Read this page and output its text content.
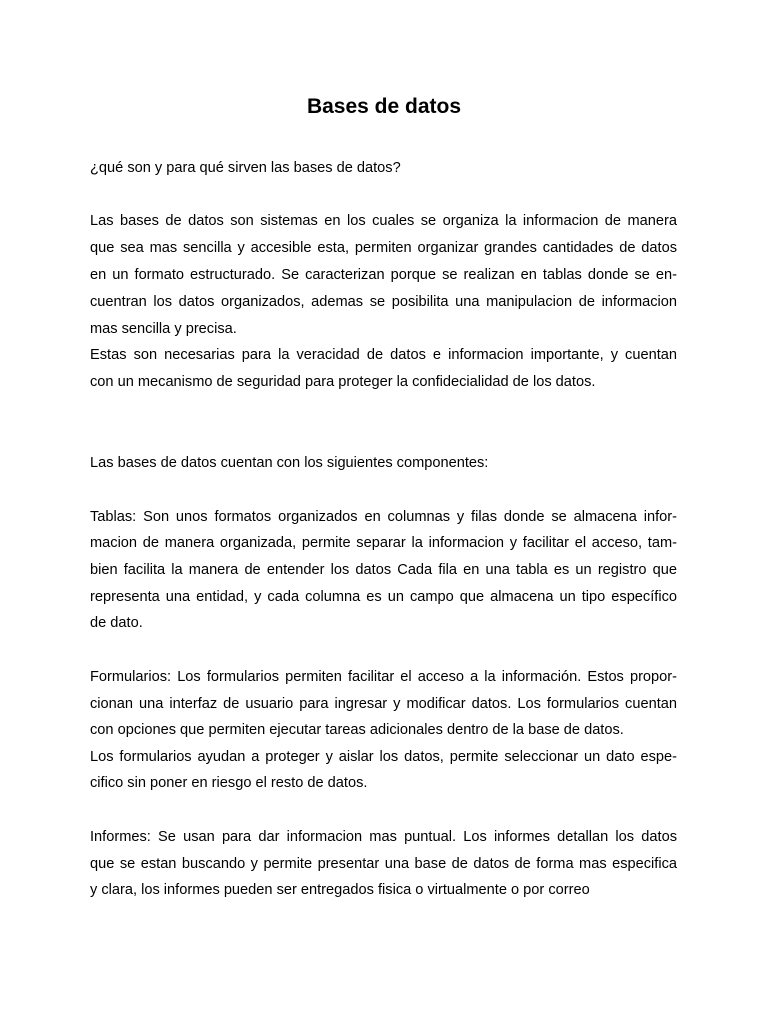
Bases de datos
¿qué son y para qué sirven las bases de datos?
Las bases de datos son sistemas en los cuales se organiza la informacion de manera
que sea mas sencilla y accesible esta, permiten organizar grandes cantidades de datos
en un formato estructurado. Se caracterizan porque se realizan en tablas donde se en-
cuentran los datos organizados, ademas se posibilita una manipulacion de informacion
mas sencilla y precisa.
Estas son necesarias para la veracidad de datos e informacion importante, y cuentan
con un mecanismo de seguridad para proteger la confidecialidad de los datos.
Las bases de datos cuentan con los siguientes componentes:
Tablas: Son unos formatos organizados en columnas y filas donde se almacena infor-
macion de manera organizada, permite separar la informacion y facilitar el acceso, tam-
bien facilita la manera de entender los datos Cada fila en una tabla es un registro que
representa una entidad, y cada columna es un campo que almacena un tipo específico
de dato.
Formularios: Los formularios permiten facilitar el acceso a la información. Estos propor-
cionan una interfaz de usuario para ingresar y modificar datos. Los formularios cuentan
con opciones que permiten ejecutar tareas adicionales dentro de la base de datos.
Los formularios ayudan a proteger y aislar los datos, permite seleccionar un dato espe-
cifico sin poner en riesgo el resto de datos.
Informes: Se usan para dar informacion mas puntual. Los informes detallan los datos
que se estan buscando y permite presentar una base de datos de forma mas especifica
y clara, los informes pueden ser entregados fisica o virtualmente o por correo
